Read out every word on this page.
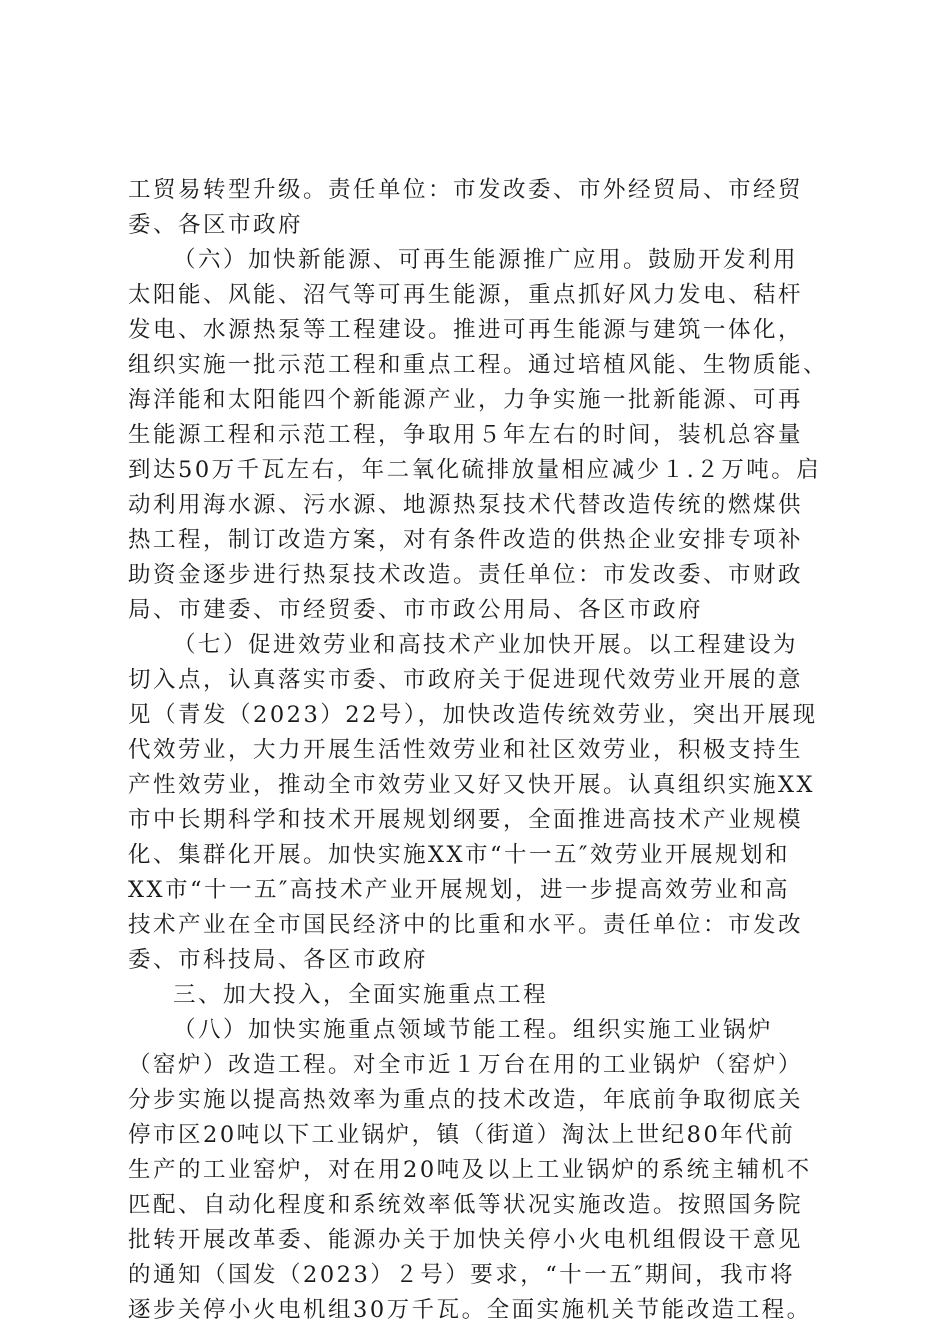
工贸易转型升级。责任单位：市发改委、市外经贸局、市经贸
委、各区市政府
（六）加快新能源、可再生能源推广应用。鼓励开发利用
太阳能、风能、沼气等可再生能源，重点抓好风力发电、秸杆
发电、水源热泵等工程建设。推进可再生能源与建筑一体化，
组织实施一批示范工程和重点工程。通过培植风能、生物质能、
海洋能和太阳能四个新能源产业，力争实施一批新能源、可再
生能源工程和示范工程，争取用５年左右的时间，装机总容量
到达50万千瓦左右，年二氧化硫排放量相应减少１.２万吨。启
动利用海水源、污水源、地源热泵技术代替改造传统的燃煤供
热工程，制订改造方案，对有条件改造的供热企业安排专项补
助资金逐步进行热泵技术改造。责任单位：市发改委、市财政
局、市建委、市经贸委、市市政公用局、各区市政府
（七）促进效劳业和高技术产业加快开展。以工程建设为
切入点，认真落实市委、市政府关于促进现代效劳业开展的意
见（青发（2023）22号），加快改造传统效劳业，突出开展现
代效劳业，大力开展生活性效劳业和社区效劳业，积极支持生
产性效劳业，推动全市效劳业又好又快开展。认真组织实施XX
市中长期科学和技术开展规划纲要，全面推进高技术产业规模
化、集群化开展。加快实施XX市“十一五″效劳业开展规划和
XX市“十一五″高技术产业开展规划，进一步提高效劳业和高
技术产业在全市国民经济中的比重和水平。责任单位：市发改
委、市科技局、各区市政府
三、加大投入，全面实施重点工程
（八）加快实施重点领域节能工程。组织实施工业锅炉
（窑炉）改造工程。对全市近１万台在用的工业锅炉（窑炉）
分步实施以提高热效率为重点的技术改造，年底前争取彻底关
停市区20吨以下工业锅炉，镇（街道）淘汰上世纪80年代前
生产的工业窑炉，对在用20吨及以上工业锅炉的系统主辅机不
匹配、自动化程度和系统效率低等状况实施改造。按照国务院
批转开展改革委、能源办关于加快关停小火电机组假设干意见
的通知（国发（2023）２号）要求，“十一五″期间，我市将
逐步关停小火电机组30万千瓦。全面实施机关节能改造工程。
